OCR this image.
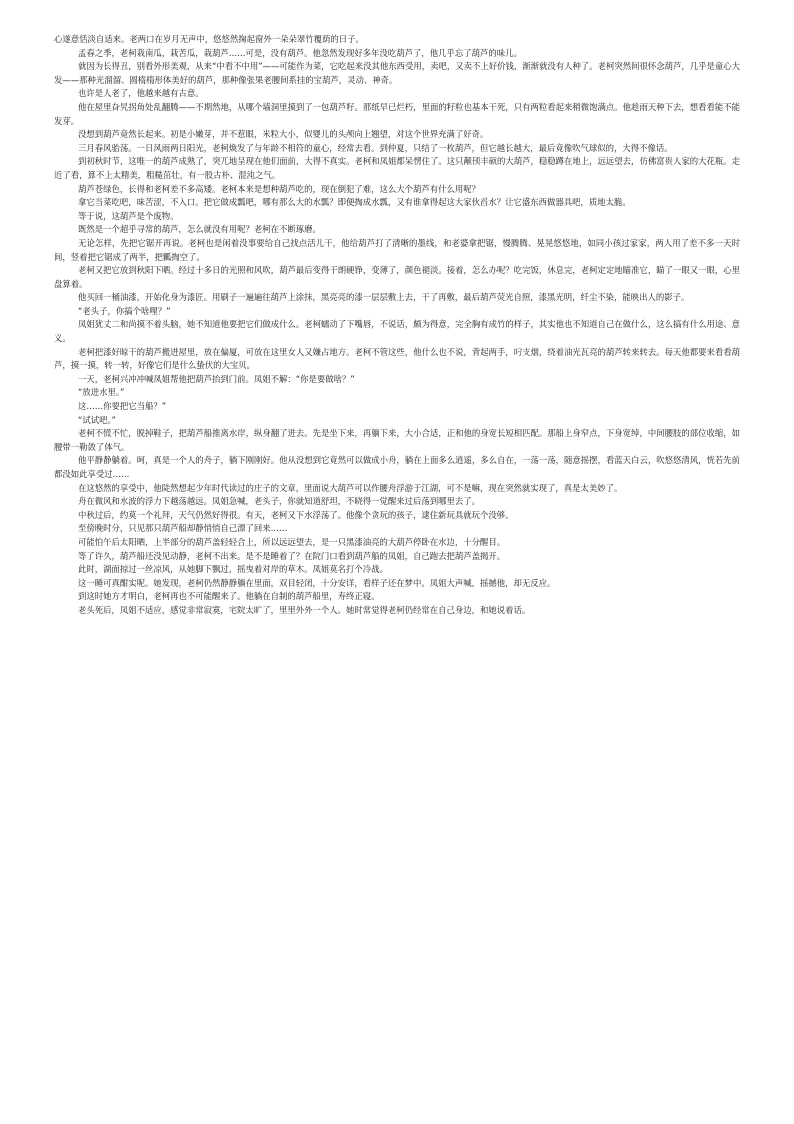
心遂意恬淡自适来。老两口在岁月无声中，悠悠然掬起窗外一朵朵翠竹覆荫的日子。

孟春之季，老柯栽南瓜，栽苦瓜，栽葫芦……可是，没有葫芦。他忽然发现好多年没吃葫芦了，他几乎忘了葫芦的味儿。

就因为长得丑，别看外形美观，从来“中看不中用”——可能作为菜，它吃起来没其他东西受用，卖吧，又卖不上好价钱，渐渐就没有人种了。老柯突然间很怀念葫芦，几乎是童心大发——那种光溜溜、圆楕楕形体美好的葫芦，那种像张果老腰间系挂的宝葫芦，灵动、神奇。

也许是人老了，他越来越有古意。

他在屋里旮旯拐角处乱翻腾——不期然地，从哪个墙洞里摸到了一包葫芦籽。那纸早已烂朽，里面的籽粒也基本干死，只有两粒看起来稍微饱满点。他趁雨天种下去，想看看能不能发芽。

没想到葫芦竟然长起来。初是小嫩芽，并不惹眼，米粒大小，似婴儿的头颅向上翘望，对这个世界充满了好奇。

三月春风骀荡。一日风雨两日阳光，老柯焕发了与年龄不相符的童心，经常去看。到仲夏，只结了一枚葫芦，但它越长越大，最后竟像吹气球似的，大得不像话。

到初秋时节，这唯一的葫芦成熟了，突兀地呈现在他们面前，大得不真实。老柯和凤姐都呆愣住了。这只颟顸丰硕的大葫芦，稳稳蹲在地上，远远望去，仿佛富贵人家的大花瓶。走近了看，算不上太精美，粗糙茁壮，有一股古朴、混沌之气。

葫芦苍绿色，长得和老柯差不多高矮。老柯本来是想种葫芦吃的，现在倒犯了难，这么大个葫芦有什么用呢？

拿它当菜吃吧，味苦涩，不入口。把它做成瓢吧，哪有那么大的水瓢？即便掏成水瓢，又有谁拿得起这大家伙舀水？让它盛东西做器具吧，质地太脆。

等于说，这葫芦是个废物。

既然是一个超乎寻常的葫芦，怎么就没有用呢？老柯在不断琢磨。

无论怎样，先把它锯开再说。老柯也是闲着没事要给自己找点活儿干，他给葫芦打了清晰的墨线，和老婆拿把锯，慢腾腾、晃晃悠悠地，如同小孩过家家，两人用了差不多一天时间，竖着把它锯成了两半，把瓤掏空了。

老柯又把它放到秋阳下晒。经过十多日的光照和风吹，葫芦最后变得干朗硬铮，变薄了，颜色褪淡。接着，怎么办呢？吃完饭，休息完，老柯定定地瞄准它，瞄了一眼又一眼，心里盘算着。

他买回一桶油漆，开始化身为漆匠。用刷子一遍遍往葫芦上涂抹，黑亮亮的漆一层层敷上去，干了再敷，最后葫芦荧光自照，漆黑光明，纤尘不染，能映出人的影子。

“老头子，你搞个啥哩？”

凤姐犹丈二和尚摸不着头脑，她不知道他要把它们做成什么。老柯蠕动了下嘴唇，不说话，颇为得意，完全胸有成竹的样子，其实他也不知道自己在做什么，这么搞有什么用途、意义。

老柯把漆好晾干的葫芦搬进屋里，放在偏厦，可放在这里女人又嫌占地方。老柯不管这些，他什么也不说，背起两手，叼支烟，绕着油光瓦亮的葫芦转来转去。每天他都要来看看葫芦，摸一摸，转一转，好像它们是什么蛰伏的大宝贝。

一天，老柯兴冲冲喊凤姐帮他把葫芦抬到门前。凤姐不解：“你是要做啥？”

“放进水里。”

这……你要把它当船？”

“试试吧。”

老柯不慌不忙，脱掉鞋子，把葫芦船推离水岸，纵身翻了进去。先是坐下来，再躺下来，大小合适，正和他的身宽长短相匹配。那船上身窄点，下身宽绰，中间腰肢的部位收缩，如腰带一勒敛了体气。

他平静静躺着。呵，真是一个人的舟子，躺下刚刚好。他从没想到它竟然可以做成小舟，躺在上面多么逍遥，多么自在，一荡一荡，随意摇摆，看蓝天白云，吹悠悠清风，恍若先前都没如此享受过……

在这悠然的享受中，他陡然想起少年时代读过的庄子的文章，里面说大葫芦可以作腰舟浮游于江湖，可不是嘛，现在突然就实现了，真是太美妙了。

舟在微风和水波的浮力下越荡越远。凤姐急喊，老头子，你就知道舒坦，不晓得一觉醒来过后荡到哪里去了。

中秋过后，约莫一个礼拜，天气仍然好得很。有天，老柯又下水浮荡了。他像个贪玩的孩子，逮住新玩具就玩个没够。

至傍晚时分，只见那只葫芦船却静悄悄自己漂了回来……

可能怕午后太阳晒，上半部分的葫芦盖轻轻合上，所以远远望去，是一只黑漆油亮的大葫芦停卧在水边，十分醒目。

等了许久，葫芦船还没见动静，老柯不出来。是不是睡着了？在院门口看到葫芦船的凤姐，自己跑去把葫芦盖揭开。

此时，湖面掠过一丝凉风，从她脚下飘过，摇曳着对岸的草木。凤姐莫名打个冷战。

这一睡可真酣实呢。她发现，老柯仍然静静躺在里面，双目轻闭，十分安详，看样子还在梦中。凤姐大声喊，摇撼他，却无反应。

到这时她方才明白，老柯再也不可能醒来了。他躺在自制的葫芦船里，寿终正寝。

老头死后，凤姐不适应，感觉非常寂寞，宅院太旷了，里里外外一个人。她时常觉得老柯仍经常在自己身边，和她说着话。
